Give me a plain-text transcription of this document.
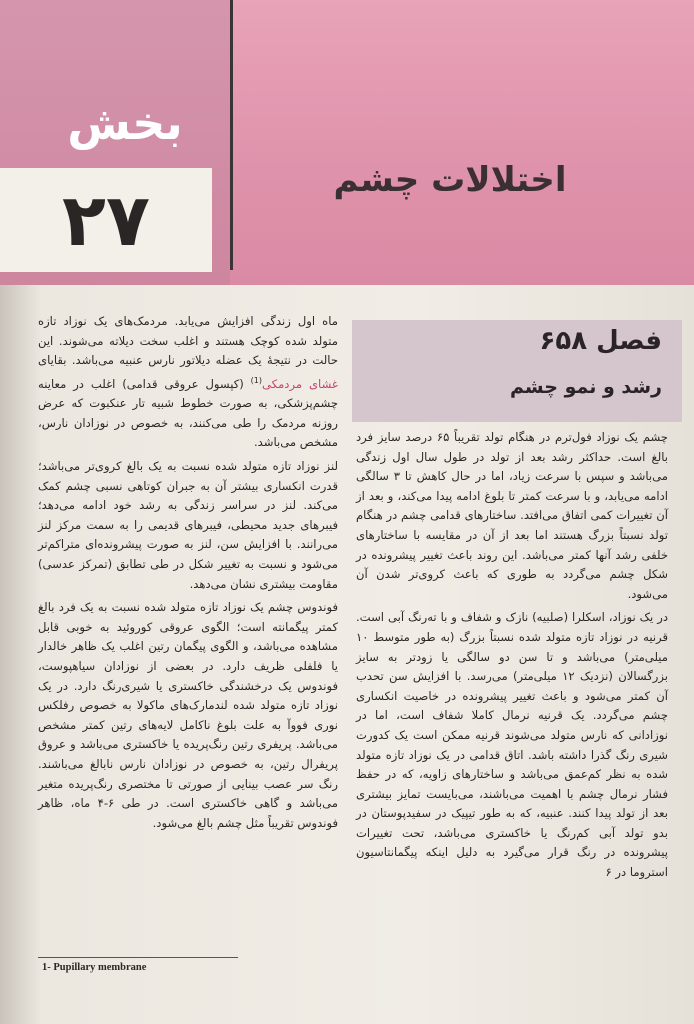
بخش
۲۷	اختلالات چشم
فصل ۶۵۸
رشد و نمو چشم

چشم یک نوزاد فول‌ترم در هنگام تولد تقریباً ۶۵ درصد سایز فرد بالغ است. حداکثر رشد بعد از تولد در طول سال اول زندگی می‌باشد و سپس با سرعت زیاد، اما در حال کاهش تا ۳ سالگی ادامه می‌یابد، و با سرعت کمتر تا بلوغ ادامه پیدا می‌کند، و بعد از آن تغییرات کمی اتفاق می‌افتد. ساختارهای قدامی چشم در هنگام تولد نسبتاً بزرگ هستند اما بعد از آن در مقایسه با ساختارهای خلفی رشد آنها کمتر می‌باشد. این روند باعث تغییر پیشرونده در شکل چشم می‌گردد به طوری که باعث کروی‌تر شدن آن می‌شود.

در یک نوزاد، اسکلرا (صلبیه) نازک و شفاف و با ته‌رنگ آبی است. قرنیه در نوزاد تازه متولد شده نسبتاً بزرگ (به طور متوسط ۱۰ میلی‌متر) می‌باشد و تا سن دو سالگی یا زودتر به سایز بزرگسالان (نزدیک ۱۲ میلی‌متر) می‌رسد. با افزایش سن تحدب آن کمتر می‌شود و باعث تغییر پیشرونده در خاصیت انکساری چشم می‌گردد. یک قرنیه نرمال کاملا شفاف است، اما در نوزادانی که نارس متولد می‌شوند قرنیه ممکن است یک کدورت شیری رنگ گذرا داشته باشد. اتاق قدامی در یک نوزاد تازه متولد شده به نظر کم‌عمق می‌باشد و ساختارهای زاویه، که در حفظ فشار نرمال چشم با اهمیت می‌باشند، می‌بایست تمایز بیشتری بعد از تولد پیدا کنند. عنبیه، که به طور تیپیک در سفیدپوستان در بدو تولد آبی کم‌رنگ یا خاکستری می‌باشد، تحت تغییرات پیشرونده در رنگ قرار می‌گیرد به دلیل اینکه پیگمانتاسیون استروما در ۶

ماه اول زندگی افزایش می‌یابد. مردمک‌های یک نوزاد تازه متولد شده کوچک هستند و اغلب سخت دیلاته می‌شوند. این حالت در نتیجهٔ یک عضله دیلاتور نارس عنبیه می‌باشد. بقایای غشای مردمکی$^{(1)}$ (کپسول عروقی قدامی) اغلب در معاینه چشم‌پزشکی، به صورت خطوط شبیه تار عنکبوت که عرض روزنه مردمک را طی می‌کنند، به خصوص در نوزادان نارس، مشخص می‌باشد.

لنز نوزاد تازه متولد شده نسبت به یک بالغ کروی‌تر می‌باشد؛ قدرت انکساری بیشتر آن به جبران کوتاهی نسبی چشم کمک می‌کند. لنز در سراسر زندگی به رشد خود ادامه می‌دهد؛ فیبرهای جدید محیطی، فیبرهای قدیمی را به سمت مرکز لنز می‌رانند. با افزایش سن، لنز به صورت پیشرونده‌ای متراکم‌تر می‌شود و نسبت به تغییر شکل در طی تطابق (تمرکز عدسی) مقاومت بیشتری نشان می‌دهد.

فوندوس چشم یک نوزاد تازه متولد شده نسبت به یک فرد بالغ کمتر پیگمانته است؛ الگوی عروقی کوروئید به خوبی قابل مشاهده می‌باشد، و الگوی پیگمان رتین اغلب یک ظاهر خالدار یا فلفلی ظریف دارد. در بعضی از نوزادان سیاهپوست، فوندوس یک درخشندگی خاکستری یا شیری‌رنگ دارد. در یک نوزاد تازه متولد شده لندمارک‌های ماکولا به خصوص رفلکس نوری فووآ به علت بلوغ ناکامل لایه‌های رتین کمتر مشخص می‌باشد. پریفری رتین رنگ‌پریده یا خاکستری می‌باشد و عروق پریفرال رتین، به خصوص در نوزادان نارس نابالغ می‌باشند. رنگ سر عصب بینایی از صورتی تا مختصری رنگ‌پریده متغیر می‌باشد و گاهی خاکستری است. در طی ۶-۴ ماه، ظاهر فوندوس تقریباً مثل چشم بالغ می‌شود.

1- Pupillary membrane
